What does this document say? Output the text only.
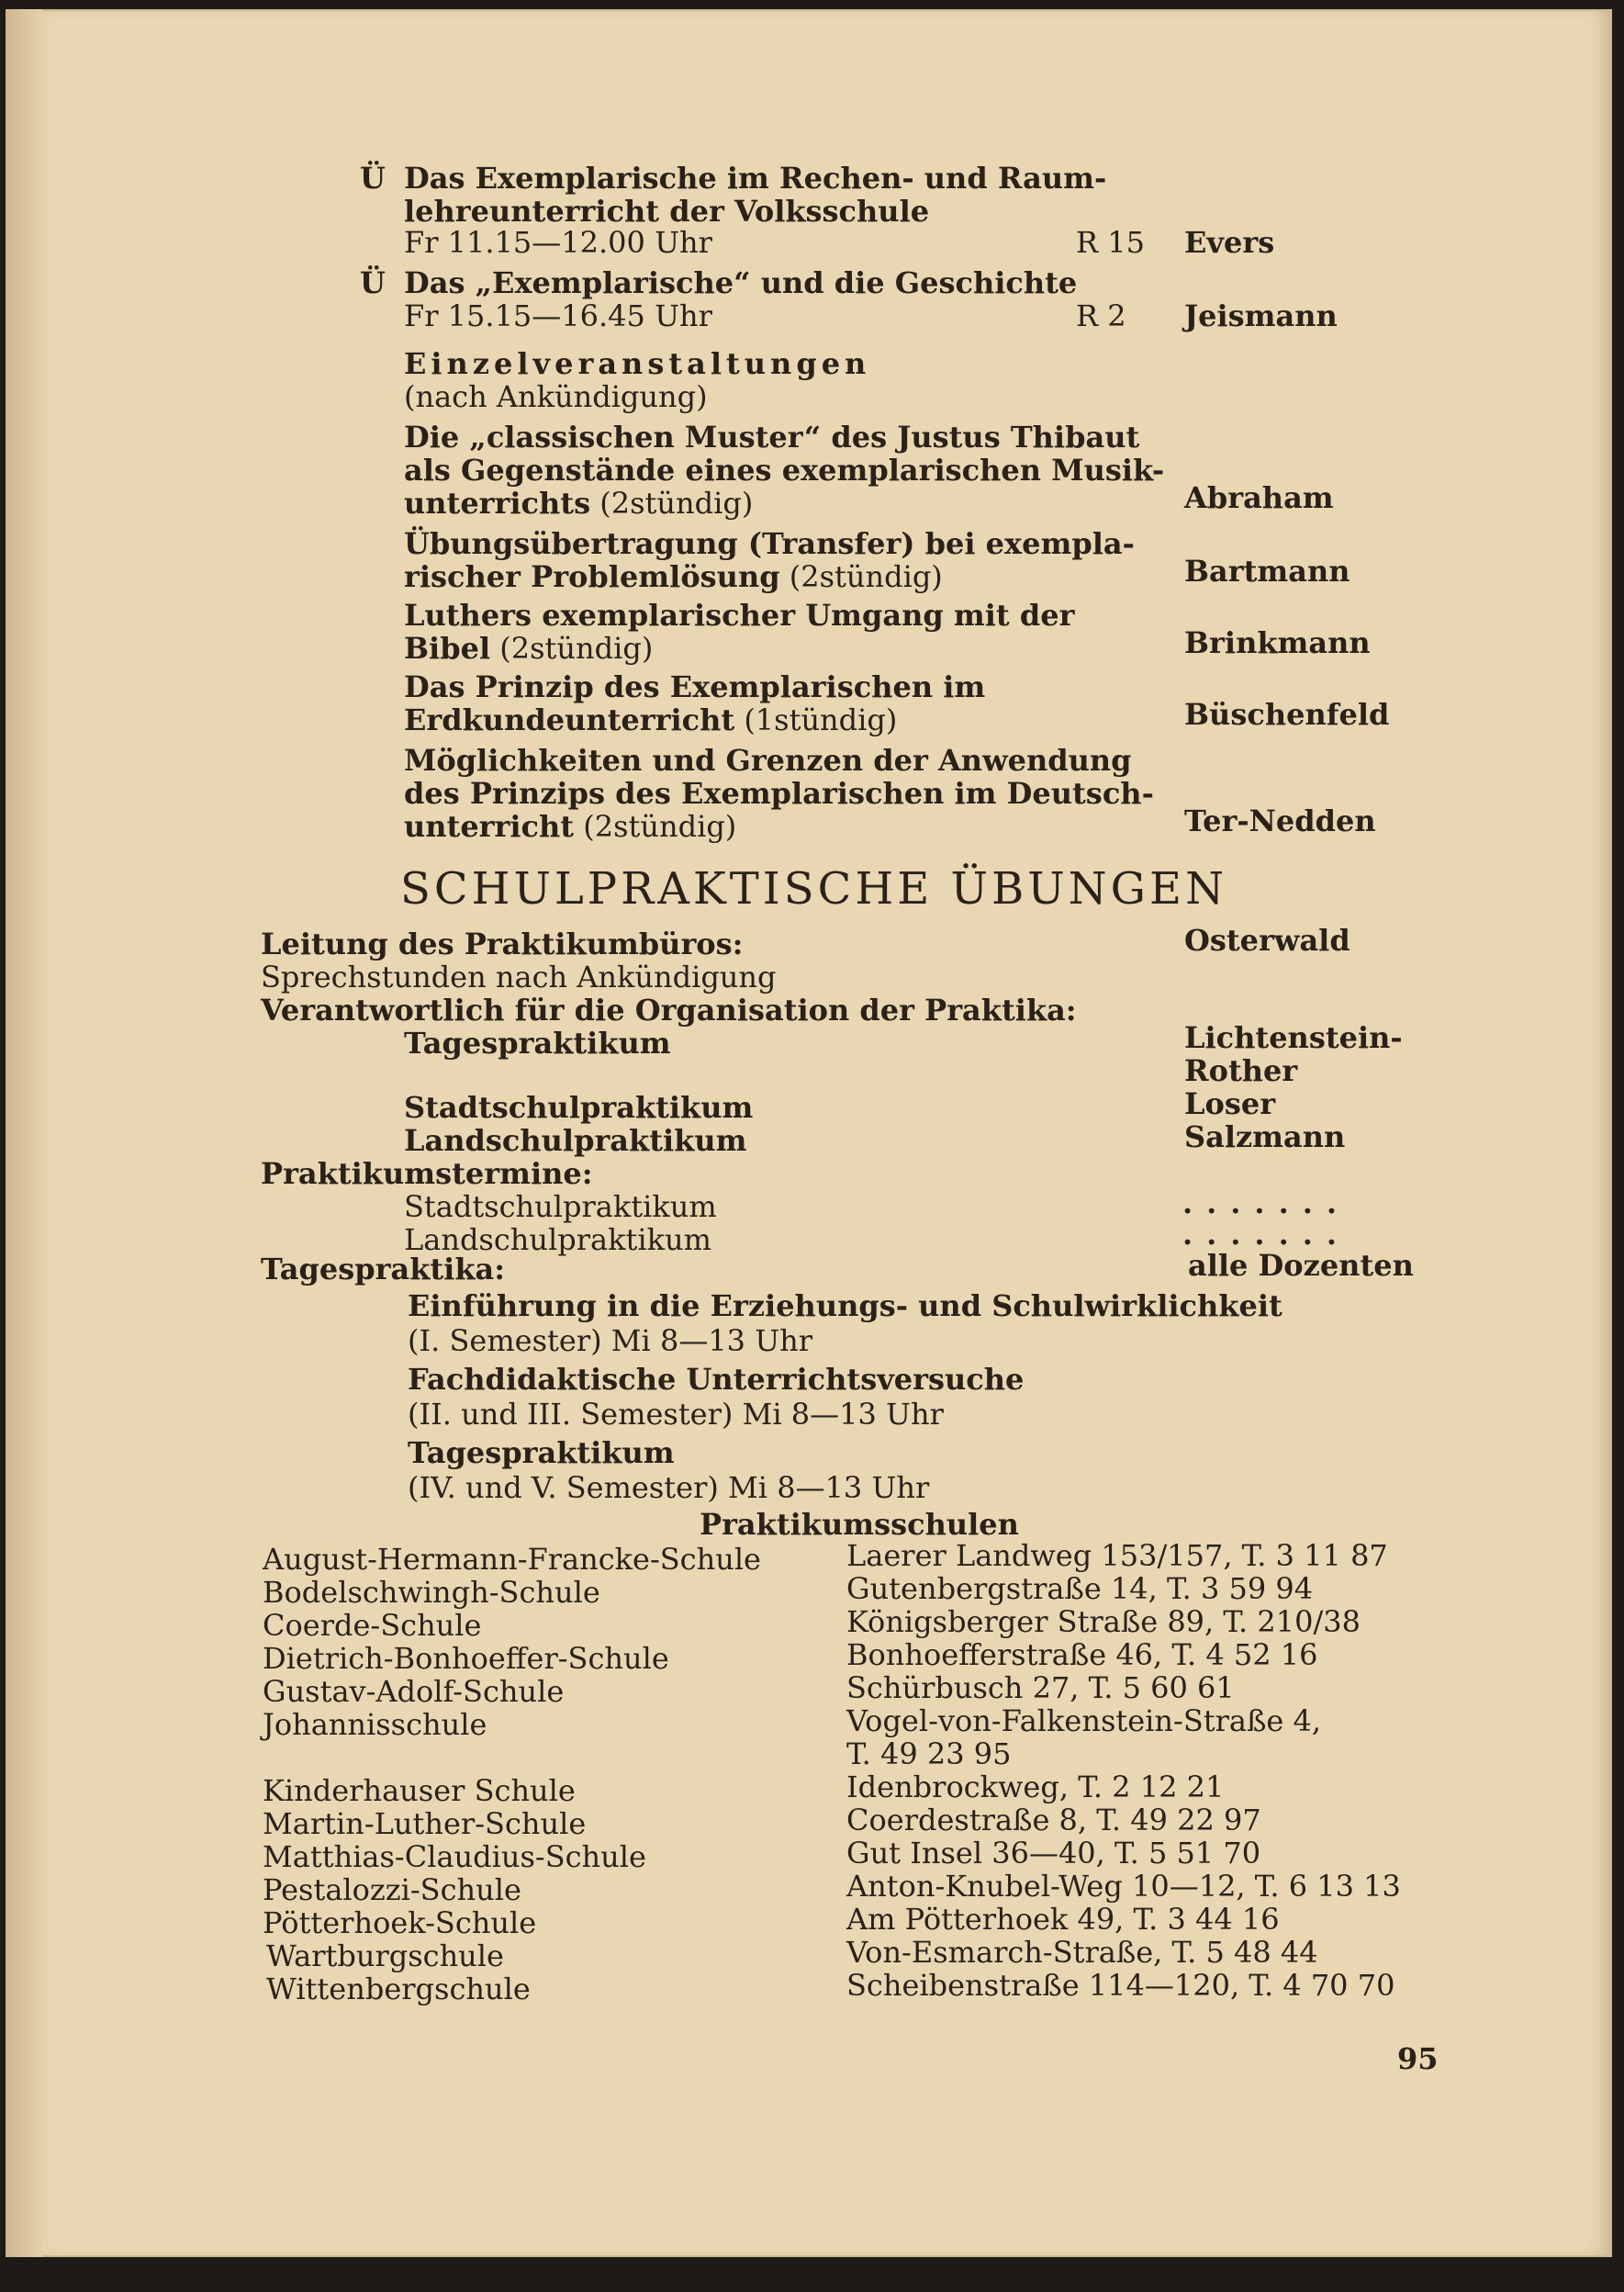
Ü Das Exemplarische im Rechen- und Raum-
lehreunterricht der Volksschule
Fr 11.15—12.00 Uhr	R 15 Evers
Ü Das „Exemplarische“ und die Geschichte
Fr 15.15—16.45 Uhr	R 2 Jeismann
Einzelveranstaltungen
(nach Ankündigung)
Die „classischen Muster“ des Justus Thibaut
als Gegenstände eines exemplarischen Musik-
unterrichts (2stündig)	Abraham
Übungsübertragung (Transfer) bei exempla-
rischer Problemlösung (2stündig)	Bartmann
Luthers exemplarischer Umgang mit der
Bibel (2stündig)	Brinkmann
Das Prinzip des Exemplarischen im
Erdkundeunterricht (1stündig)	Büschenfeld
Möglichkeiten und Grenzen der Anwendung
des Prinzips des Exemplarischen im Deutsch-
unterricht (2stündig)	Ter-Nedden
SCHULPRAKTISCHE ÜBUNGEN
Leitung des Praktikumbüros:	Osterwald
Sprechstunden nach Ankündigung
Verantwortlich für die Organisation der Praktika:
Tagespraktikum	Lichtenstein-
Rother
Stadtschulpraktikum	Loser
Landschulpraktikum	Salzmann
Praktikumstermine:
Stadtschulpraktikum	.......
Landschulpraktikum	.......
Tagespraktika:	alle Dozenten
Einführung in die Erziehungs- und Schulwirklichkeit
(I. Semester) Mi 8—13 Uhr
Fachdidaktische Unterrichtsversuche
(II. und III. Semester) Mi 8—13 Uhr
Tagespraktikum
(IV. und V. Semester) Mi 8—13 Uhr
Praktikumsschulen
August-Hermann-Francke-Schule	Laerer Landweg 153/157, T. 3 11 87
Bodelschwingh-Schule	Gutenbergstraße 14, T. 3 59 94
Coerde-Schule	Königsberger Straße 89, T. 210/38
Dietrich-Bonhoeffer-Schule	Bonhoefferstraße 46, T. 4 52 16
Gustav-Adolf-Schule	Schürbusch 27, T. 5 60 61
Johannisschule	Vogel-von-Falkenstein-Straße 4,
T. 49 23 95
Kinderhauser Schule	Idenbrockweg, T. 2 12 21
Martin-Luther-Schule	Coerdestraße 8, T. 49 22 97
Matthias-Claudius-Schule	Gut Insel 36—40, T. 5 51 70
Pestalozzi-Schule	Anton-Knubel-Weg 10—12, T. 6 13 13
Pötterhoek-Schule	Am Pötterhoek 49, T. 3 44 16
Wartburgschule	Von-Esmarch-Straße, T. 5 48 44
Wittenbergschule	Scheibenstraße 114—120, T. 4 70 70
95
